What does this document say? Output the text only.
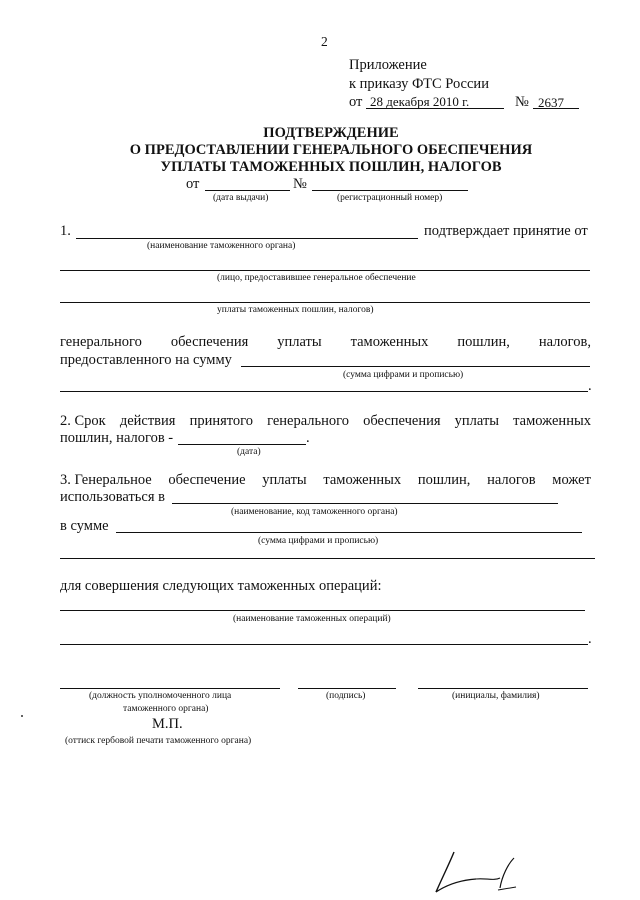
2
Приложение
к приказу ФТС России
от 28 декабря 2010 г.	№ 2637
ПОДТВЕРЖДЕНИЕ
О ПРЕДОСТАВЛЕНИИ ГЕНЕРАЛЬНОГО ОБЕСПЕЧЕНИЯ
УПЛАТЫ ТАМОЖЕННЫХ ПОШЛИН, НАЛОГОВ
от	№
(дата выдачи)	(регистрационный номер)
1.	подтверждает принятие от
(наименование таможенного органа)
(лицо, предоставившее генеральное обеспечение
уплаты таможенных пошлин, налогов)
генерального обеспечения уплаты таможенных пошлин, налогов,
предоставленного на сумму
(сумма цифрами и прописью)
.
2. Срок действия принятого генерального обеспечения уплаты таможенных
пошлин, налогов -	.
(дата)
3. Генеральное обеспечение уплаты таможенных пошлин, налогов может
использоваться в
(наименование, код таможенного органа)
в сумме
(сумма цифрами и прописью)
для совершения следующих таможенных операций:
(наименование таможенных операций)
.
(должность уполномоченного лица
таможенного органа)
(подпись)	(инициалы, фамилия)
М.П.
(оттиск гербовой печати таможенного органа)
